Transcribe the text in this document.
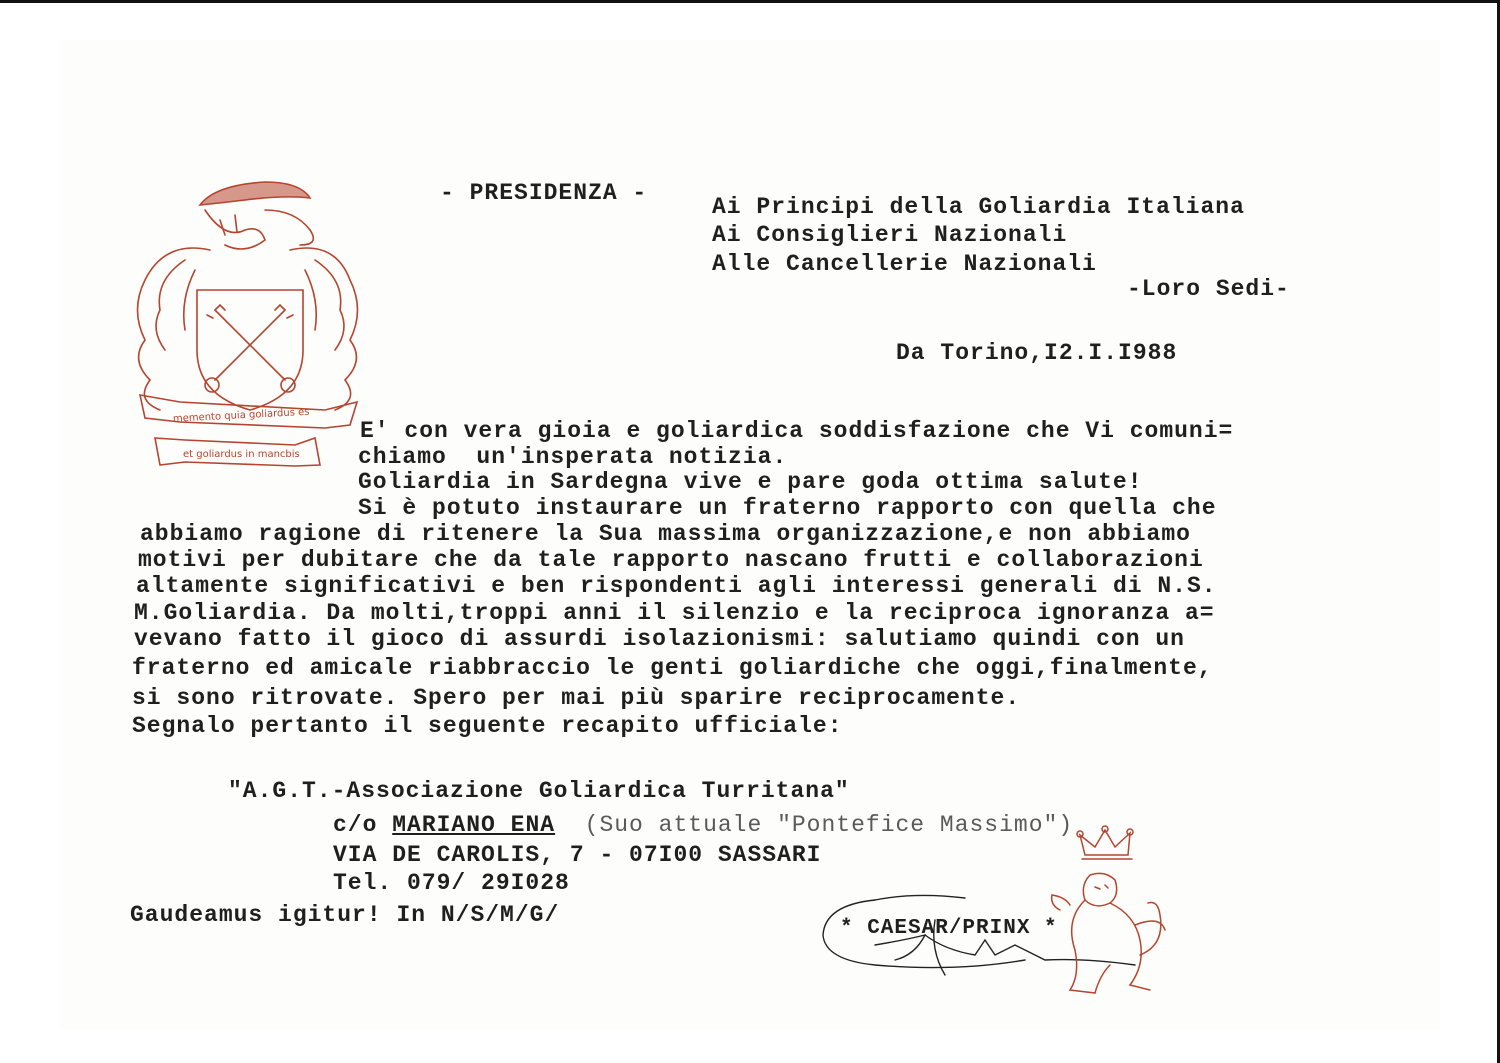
memento quia goliardus es
et goliardus in mancbis
- PRESIDENZA -
Ai Principi della Goliardia Italiana
Ai Consiglieri Nazionali
Alle Cancellerie Nazionali
-Loro Sedi-
Da Torino,I2.I.I988
E' con vera gioia e goliardica soddisfazione che Vi comuni=
chiamo  un'insperata notizia.
Goliardia in Sardegna vive e pare goda ottima salute!
Si è potuto instaurare un fraterno rapporto con quella che
abbiamo ragione di ritenere la Sua massima organizzazione,e non abbiamo
motivi per dubitare che da tale rapporto nascano frutti e collaborazioni
altamente significativi e ben rispondenti agli interessi generali di N.S.
M.Goliardia. Da molti,troppi anni il silenzio e la reciproca ignoranza a=
vevano fatto il gioco di assurdi isolazionismi: salutiamo quindi con un
fraterno ed amicale riabbraccio le genti goliardiche che oggi,finalmente,
si sono ritrovate. Spero per mai più sparire reciprocamente.
Segnalo pertanto il seguente recapito ufficiale:
"A.G.T.-Associazione Goliardica Turritana"
c/o MARIANO ENA  (Suo attuale "Pontefice Massimo")
VIA DE CAROLIS, 7 - 07I00 SASSARI
Tel. 079/ 29I028
Gaudeamus igitur! In N/S/M/G/
* CAESAR/PRINX *
